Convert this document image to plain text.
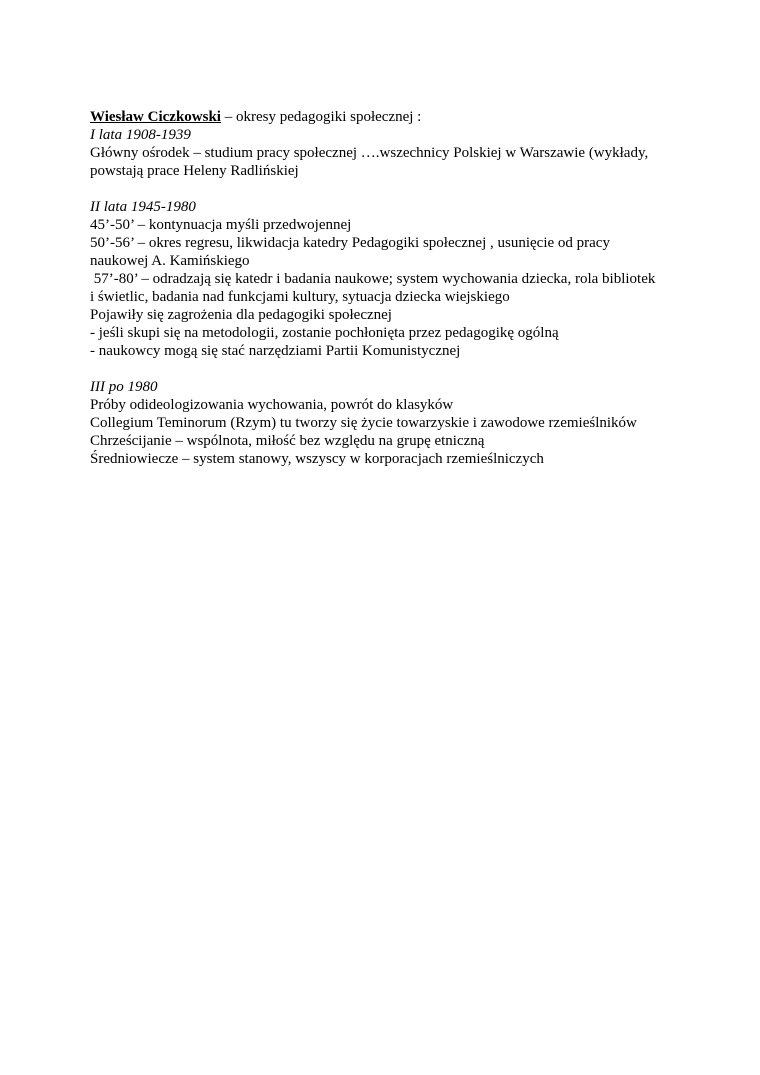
Wiesław Ciczkowski – okresy pedagogiki społecznej :
I lata 1908-1939
Główny ośrodek – studium pracy społecznej ….wszechnicy Polskiej w Warszawie (wykłady,
powstają prace Heleny Radlińskiej
II lata 1945-1980
45’-50’ – kontynuacja myśli przedwojennej
50’-56’ – okres regresu, likwidacja katedry Pedagogiki społecznej , usunięcie od pracy
naukowej A. Kamińskiego
57’-80’ – odradzają się katedr i badania naukowe; system wychowania dziecka, rola bibliotek
i świetlic, badania nad funkcjami kultury, sytuacja dziecka wiejskiego
Pojawiły się zagrożenia dla pedagogiki społecznej
- jeśli skupi się na metodologii, zostanie pochłonięta przez pedagogikę ogólną
- naukowcy mogą się stać narzędziami Partii Komunistycznej
III po 1980
Próby odideologizowania wychowania, powrót do klasyków
Collegium Teminorum (Rzym) tu tworzy się życie towarzyskie i zawodowe rzemieślników
Chrześcijanie – wspólnota, miłość bez względu na grupę etniczną
Średniowiecze – system stanowy, wszyscy w korporacjach rzemieślniczych
